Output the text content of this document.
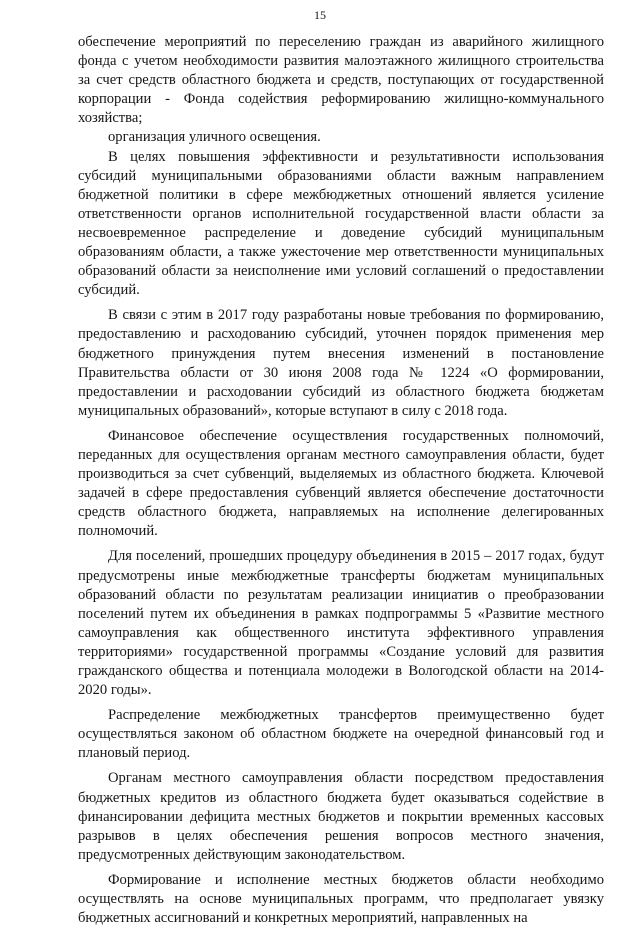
15

обеспечение мероприятий по переселению граждан из аварийного жилищного фонда с учетом необходимости развития малоэтажного жилищного строительства за счет средств областного бюджета и средств, поступающих от государственной корпорации - Фонда содействия реформированию жилищно-коммунального хозяйства;

организация уличного освещения.

В целях повышения эффективности и результативности использования субсидий муниципальными образованиями области важным направлением бюджетной политики в сфере межбюджетных отношений является усиление ответственности органов исполнительной государственной власти области за несвоевременное распределение и доведение субсидий муниципальным образованиям области, а также ужесточение мер ответственности муниципальных образований области за неисполнение ими условий соглашений о предоставлении субсидий.

В связи с этим в 2017 году разработаны новые требования по формированию, предоставлению и расходованию субсидий, уточнен порядок применения мер бюджетного принуждения путем внесения изменений в постановление Правительства области от 30 июня 2008 года № 1224 «О формировании, предоставлении и расходовании субсидий из областного бюджета бюджетам муниципальных образований», которые вступают в силу с 2018 года.

Финансовое обеспечение осуществления государственных полномочий, переданных для осуществления органам местного самоуправления области, будет производиться за счет субвенций, выделяемых из областного бюджета. Ключевой задачей в сфере предоставления субвенций является обеспечение достаточности средств областного бюджета, направляемых на исполнение делегированных полномочий.

Для поселений, прошедших процедуру объединения в 2015 – 2017 годах, будут предусмотрены иные межбюджетные трансферты бюджетам муниципальных образований области по результатам реализации инициатив о преобразовании поселений путем их объединения в рамках подпрограммы 5 «Развитие местного самоуправления как общественного института эффективного управления территориями» государственной программы «Создание условий для развития гражданского общества и потенциала молодежи в Вологодской области на 2014-2020 годы».

Распределение межбюджетных трансфертов преимущественно будет осуществляться законом об областном бюджете на очередной финансовый год и плановый период.

Органам местного самоуправления области посредством предоставления бюджетных кредитов из областного бюджета будет оказываться содействие в финансировании дефицита местных бюджетов и покрытии временных кассовых разрывов в целях обеспечения решения вопросов местного значения, предусмотренных действующим законодательством.

Формирование и исполнение местных бюджетов области необходимо осуществлять на основе муниципальных программ, что предполагает увязку бюджетных ассигнований и конкретных мероприятий, направленных на
